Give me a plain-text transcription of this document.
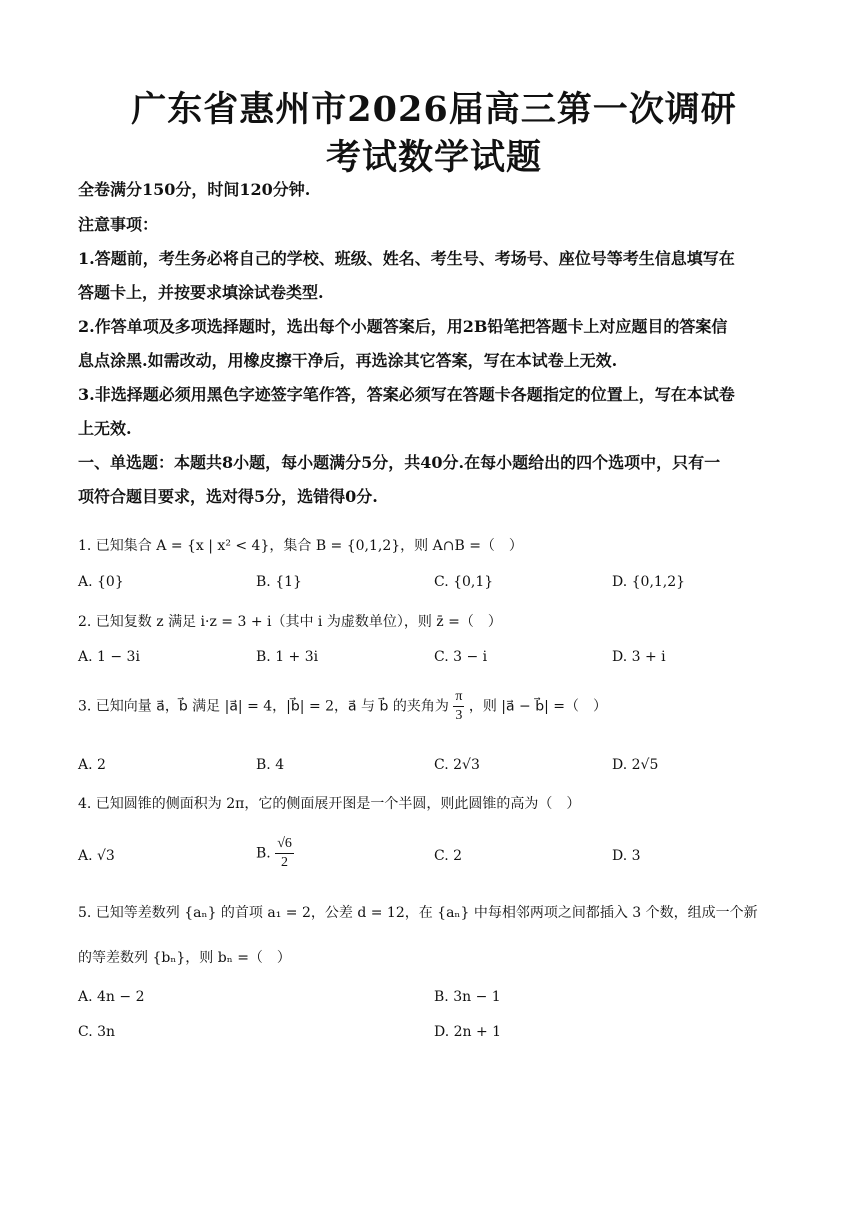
广东省惠州市2026届高三第一次调研
考试数学试题
全卷满分150分，时间120分钟.
注意事项：
1.答题前，考生务必将自己的学校、班级、姓名、考生号、考场号、座位号等考生信息填写在
答题卡上，并按要求填涂试卷类型.
2.作答单项及多项选择题时，选出每个小题答案后，用2B铅笔把答题卡上对应题目的答案信
息点涂黑.如需改动，用橡皮擦干净后，再选涂其它答案，写在本试卷上无效.
3.非选择题必须用黑色字迹签字笔作答，答案必须写在答题卡各题指定的位置上，写在本试卷
上无效.
一、单选题：本题共8小题，每小题满分5分，共40分.在每小题给出的四个选项中，只有一
项符合题目要求，选对得5分，选错得0分.
1. 已知集合 A = {x | x² < 4}，集合 B = {0,1,2}，则 A∩B =（　）
A. {0}	B. {1}	C. {0,1}	D. {0,1,2}
2. 已知复数 z 满足 i·z = 3 + i（其中 i 为虚数单位），则 z̄ =（　）
A. 1 − 3i	B. 1 + 3i	C. 3 − i	D. 3 + i
3. 已知向量 a⃗，b⃗ 满足 |a⃗| = 4，|b⃗| = 2，a⃗ 与 b⃗ 的夹角为 $\frac{\pi}{3}$ ，则 |a⃗ − b⃗| =（　）
A. 2	B. 4	C. 2√3	D. 2√5
4. 已知圆锥的侧面积为 2π，它的侧面展开图是一个半圆，则此圆锥的高为（　）
A. √3	B. $\frac{√6}{2}$	C. 2	D. 3
5. 已知等差数列 {aₙ} 的首项 a₁ = 2，公差 d = 12，在 {aₙ} 中每相邻两项之间都插入 3 个数，组成一个新
的等差数列 {bₙ}，则 bₙ =（　）
A. 4n − 2	B. 3n − 1
C. 3n	D. 2n + 1
